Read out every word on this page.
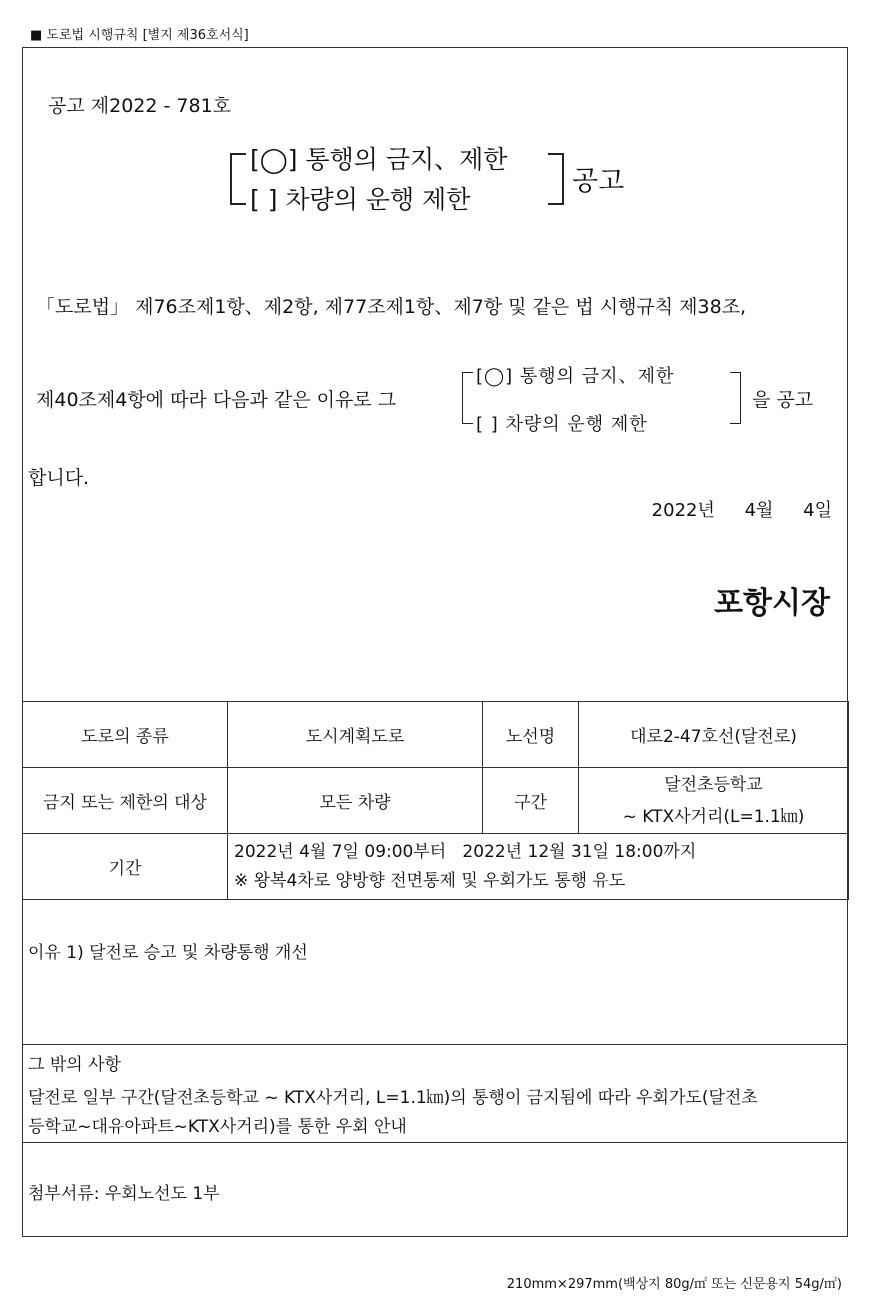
■ 도로법 시행규칙 [별지 제36호서식]
공고 제2022 - 781호
[◯] 통행의 금지、제한
[ ] 차량의 운행 제한
공고
「도로법」 제76조제1항、제2항, 제77조제1항、제7항 및 같은 법 시행규칙 제38조,
제40조제4항에 따라 다음과 같은 이유로 그
[◯] 통행의 금지、제한
[ ] 차량의 운행 제한
을 공고
합니다.
2022년 4월 4일
포항시장
도로의 종류	도시계획도로	노선명	대로2-47호선(달전로)
금지 또는 제한의 대상	모든 차량	구간	달전초등학교
~ KTX사거리(L=1.1㎞)

기간	2022년 4월 7일 09:00부터   2022년 12월 31일 18:00까지
※ 왕복4차로 양방향 전면통제 및 우회가도 통행 유도		
이유 1) 달전로 승고 및 차량통행 개선
그 밖의 사항
달전로 일부 구간(달전초등학교 ~ KTX사거리, L=1.1㎞)의 통행이 금지됨에 따라 우회가도(달전초
등학교~대유아파트~KTX사거리)를 통한 우회 안내
첨부서류: 우회노선도 1부
210mm×297mm(백상지 80g/㎡ 또는 신문용지 54g/㎡)
